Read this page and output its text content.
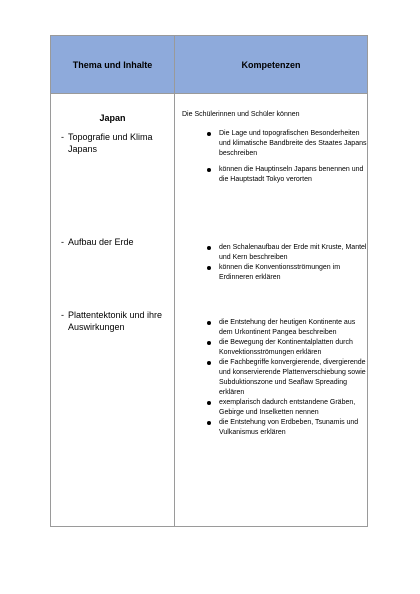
Thema und Inhalte	Kompetenzen
Japan
- Topografie und Klima Japans
- Aufbau der Erde
- Plattentektonik und ihre Auswirkungen
Die Schülerinnen und Schüler können
Die Lage und topografischen Besonderheiten und klimatische Bandbreite des Staates Japans beschreiben
können die Hauptinseln Japans benennen und die Hauptstadt Tokyo verorten
den Schalenaufbau der Erde mit Kruste, Mantel und Kern beschreiben
können die Konventionsströmungen im Erdinneren erklären
die Entstehung der heutigen Kontinente aus dem Urkontinent Pangea beschreiben
die Bewegung der Kontinentalplatten durch Konvektionsströmungen erklären
die Fachbegriffe konvergierende, divergierende und konservierende Plattenverschiebung sowie Subduktionszone und Seaflaw Spreading erklären
exemplarisch dadurch entstandene Gräben, Gebirge und Inselketten nennen
die Entstehung von Erdbeben, Tsunamis und Vulkanismus erklären
